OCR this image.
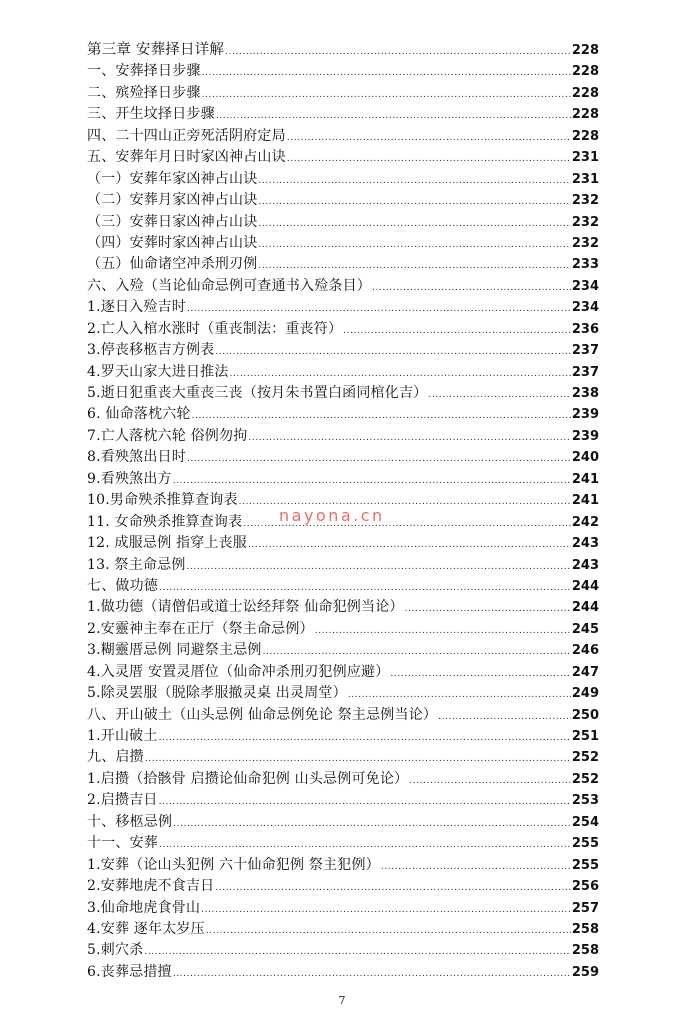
第三章 安葬择日详解 .....	228
一、安葬择日步骤 .....	228
二、殡殓择日步骤 .....	228
三、开生坟择日步骤 .....	228
四、二十四山正旁死活阴府定局 .....	228
五、安葬年月日时家凶神占山诀 .....	231
（一）安葬年家凶神占山诀 .....	231
（二）安葬月家凶神占山诀 .....	232
（三）安葬日家凶神占山诀 .....	232
（四）安葬时家凶神占山诀 .....	232
（五）仙命诸空冲杀刑刃例 .....	233
六、入殓（当论仙命忌例可查通书入殓条目） .....	234
1.逐日入殓吉时 .....	234
2.亡人入棺水涨时（重丧制法：重丧符） .....	236
3.停丧移柩吉方例表 .....	237
4.罗天山家大进日推法 .....	237
5.逝日犯重丧大重丧三丧（按月朱书置白函同棺化吉） .....	238
6. 仙命落枕六轮 .....	239
7.亡人落枕六轮 俗例勿拘 .....	239
8.看殃煞出日时 .....	240
9.看殃煞出方 .....	241
10.男命殃杀推算查询表 .....	241
11. 女命殃杀推算查询表 .....	242
12. 成服忌例 指穿上丧服 .....	243
13. 祭主命忌例 .....	243
七、做功德 .....	244
1.做功德（请僧侣或道士讼经拜祭 仙命犯例当论） .....	244
2.安靈神主奉在正厅（祭主命忌例） .....	245
3.糊靈厝忌例 同避祭主忌例 .....	246
4.入灵厝 安置灵厝位（仙命冲杀刑刃犯例应避） .....	247
5.除灵罢服（脱除孝服撤灵桌 出灵周堂） .....	249
八、开山破土（山头忌例 仙命忌例免论 祭主忌例当论） .....	250
1.开山破土 .....	251
九、启攒 .....	252
1.启攒（拾骸骨 启攒论仙命犯例 山头忌例可免论） .....	252
2.启攒吉日 .....	253
十、移柩忌例 .....	254
十一、安葬 .....	255
1.安葬（论山头犯例 六十仙命犯例 祭主犯例） .....	255
2.安葬地虎不食吉日 .....	256
3.仙命地虎食骨山 .....	257
4.安葬 逐年太岁压 .....	258
5.刺穴杀 .....	258
6.丧葬忌措擅 .....	259
nayona.cn
7
